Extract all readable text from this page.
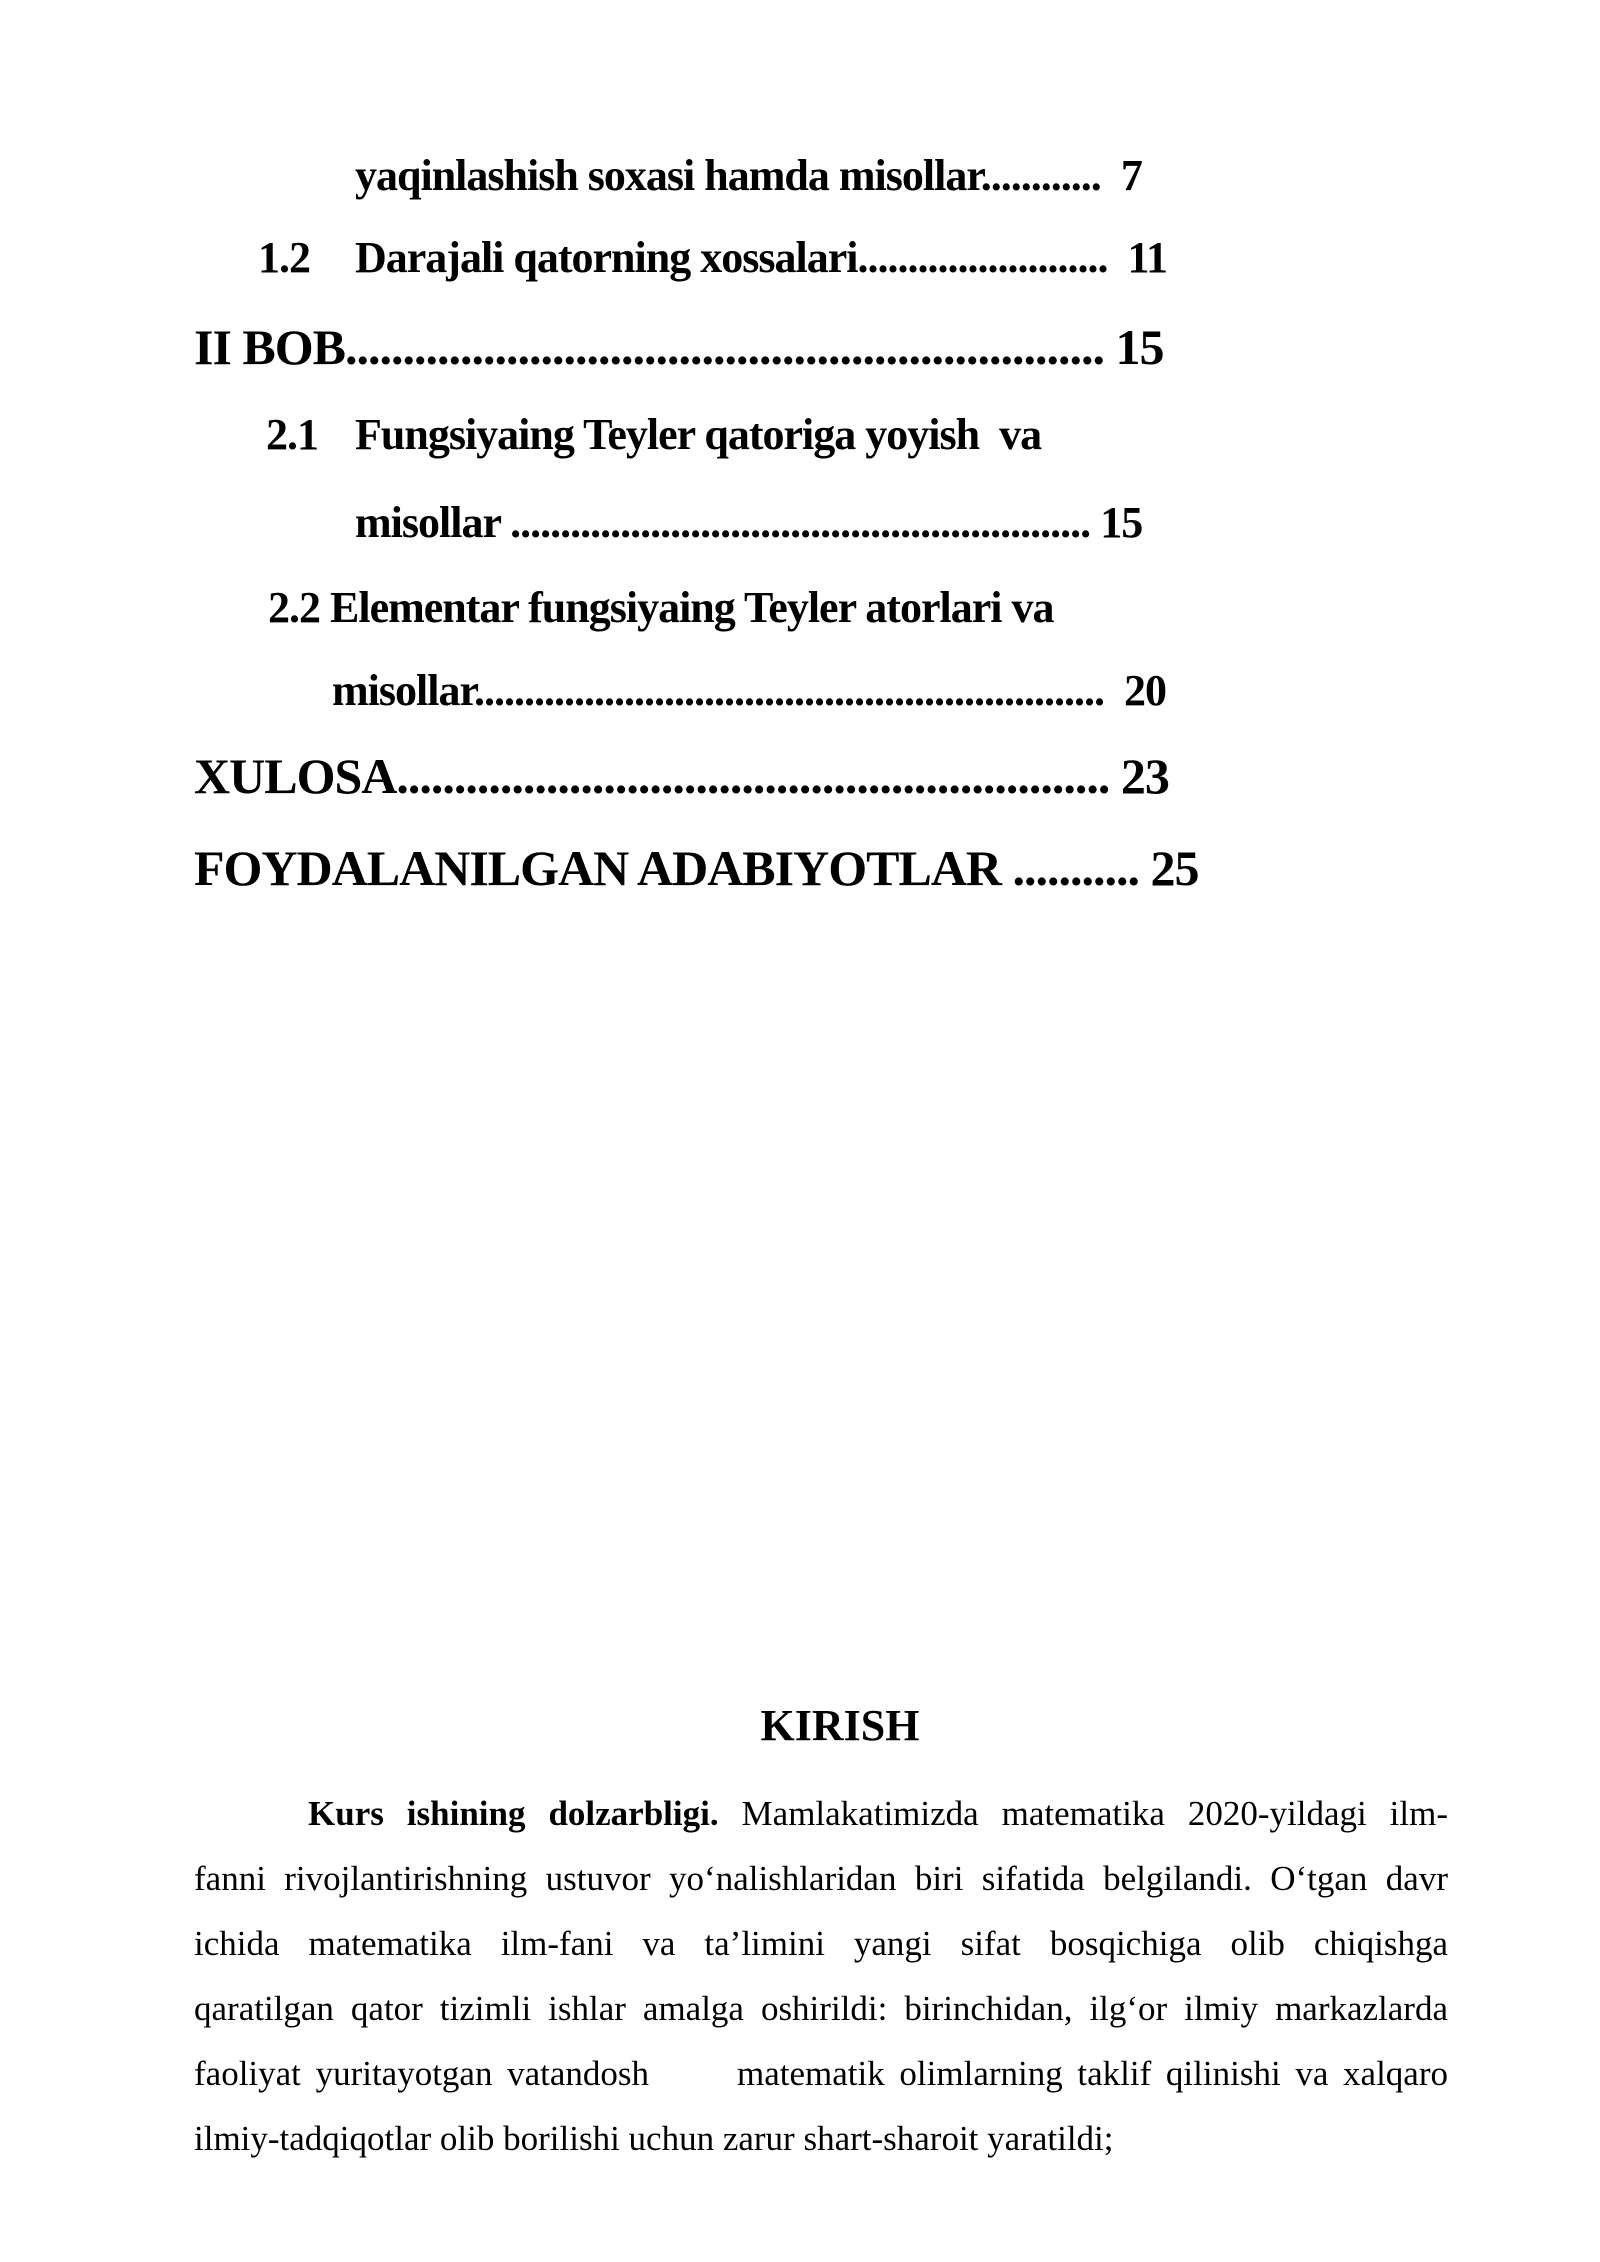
yaqinlashish soxasi hamda misollar............ 7
1.2 Darajali qatorning xossalari......................... 11
II BOB.................................................................. 15
2.1 Fungsiyaing Teyler qatoriga yoyish  va
misollar .......................................................... 15
2.2 Elementar fungsiyaing Teyler atorlari va
misollar............................................................... 20
XULOSA.............................................................. 23
FOYDALANILGAN ADABIYOTLAR ........... 25
KIRISH
Kurs ishining dolzarbligi. Mamlakatimizda matematika 2020-yildagi ilm-
fanni rivojlantirishning ustuvor yo‘nalishlaridan biri sifatida belgilandi. O‘tgan davr
ichida matematika ilm-fani va ta’limini yangi sifat bosqichiga olib chiqishga
qaratilgan qator tizimli ishlar amalga oshirildi: birinchidan, ilg‘or ilmiy markazlarda
faoliyat yuritayotgan vatandosh      matematik olimlarning taklif qilinishi va xalqaro
ilmiy-tadqiqotlar olib borilishi uchun zarur shart-sharoit yaratildi;
